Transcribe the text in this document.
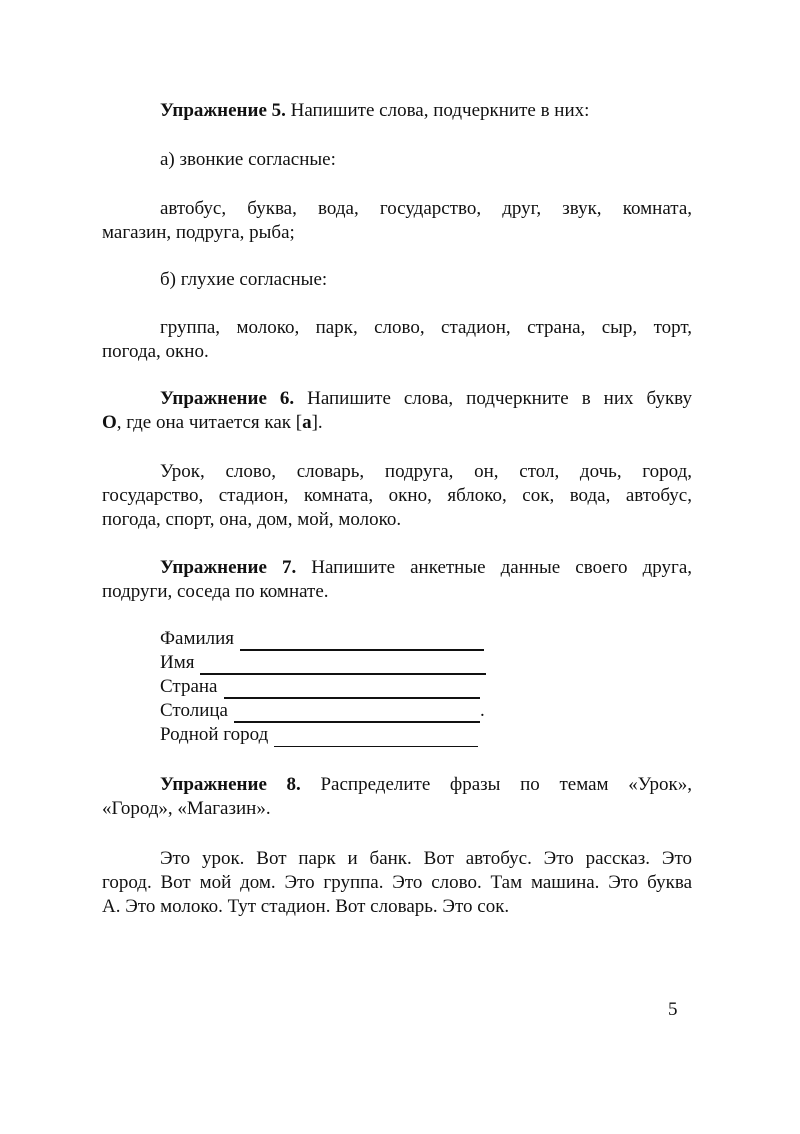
Упражнение 5. Напишите слова, подчеркните в них:

а) звонкие согласные:

автобус, буква, вода, государство, друг, звук, комната,
магазин, подруга, рыба;

б) глухие согласные:

группа, молоко, парк, слово, стадион, страна, сыр, торт,
погода, окно.
Упражнение 6. Напишите слова, подчеркните в них букву
О, где она читается как [а].
Урок, слово, словарь, подруга, он, стол, дочь, город,
государство, стадион, комната, окно, яблоко, сок, вода, автобус,
погода, спорт, она, дом, мой, молоко.
Упражнение 7. Напишите анкетные данные своего друга,
подруги, соседа по комнате.
Фамилия
Имя
Страна
Столица	.
Родной город
Упражнение 8. Распределите фразы по темам «Урок»,
«Город», «Магазин».
Это урок. Вот парк и банк. Вот автобус. Это рассказ. Это
город. Вот мой дом. Это группа. Это слово. Там машина. Это буква
А. Это молоко. Тут стадион. Вот словарь. Это сок.
5
